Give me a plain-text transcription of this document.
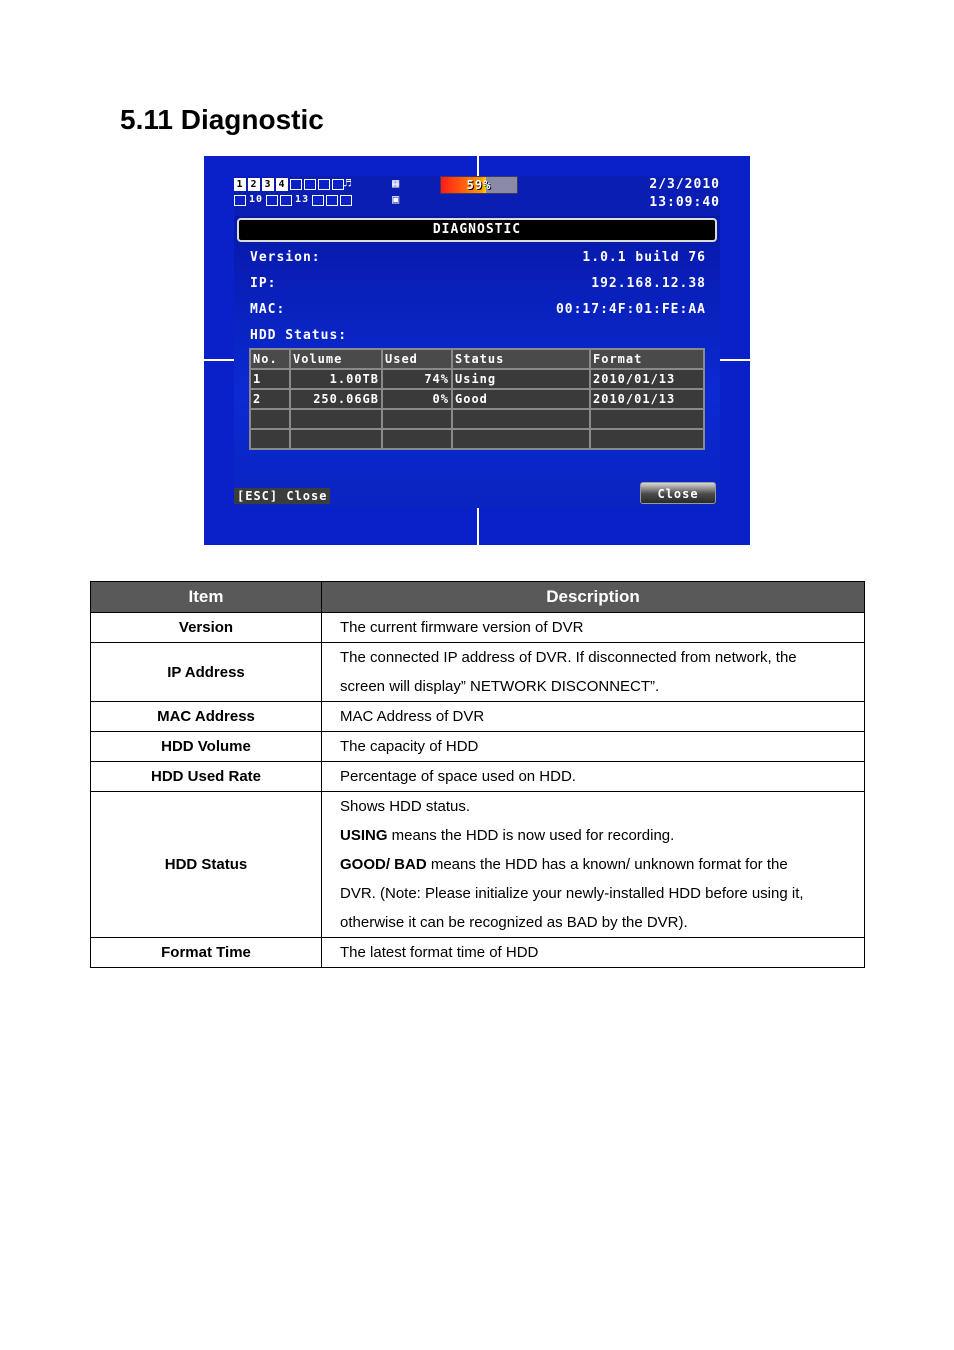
5.11 Diagnostic
1 2 3 4
10	13
♬	▦
▣
59%	2/3/2010
13:09:40
DIAGNOSTIC
Version:	1.0.1 build 76
IP:	192.168.12.38
MAC:	00:17:4F:01:FE:AA
HDD Status:
No.	Volume	Used	Status	Format
1	1.00TB	74%	Using	2010/01/13
2	250.06GB	0%	Good	2010/01/13

[ESC] Close	Close
Item	Description
Version	The current firmware version of DVR
IP Address	The connected IP address of DVR. If disconnected from network, the
screen will display” NETWORK DISCONNECT”.

MAC Address	MAC Address of DVR
HDD Volume	The capacity of HDD
HDD Used Rate	Percentage of space used on HDD.
HDD Status	Shows HDD status.
USING means the HDD is now used for recording.
GOOD/ BAD means the HDD has a known/ unknown format for the
DVR. (Note: Please initialize your newly-installed HDD before using it,
otherwise it can be recognized as BAD by the DVR).

Format Time	The latest format time of HDD
